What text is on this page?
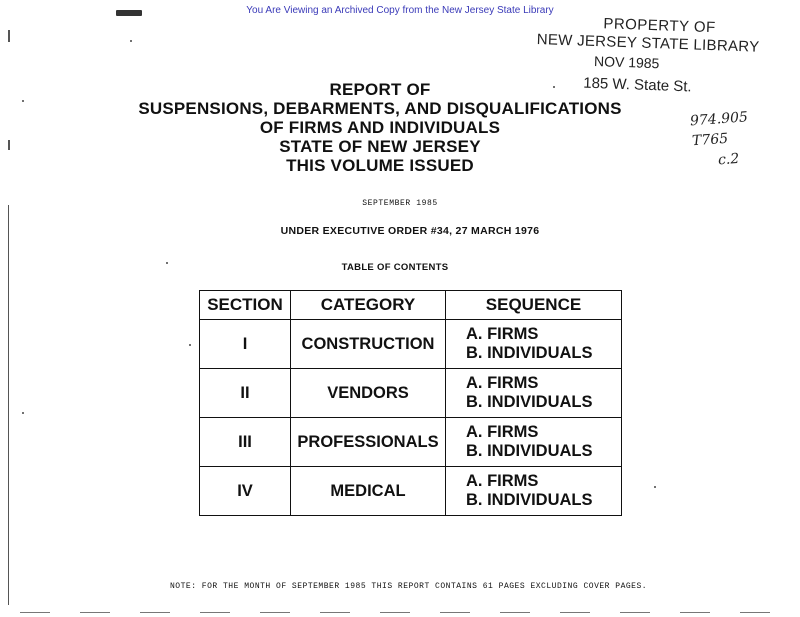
You Are Viewing an Archived Copy from the New Jersey State Library
PROPERTY OF
NEW JERSEY STATE LIBRARY
NOV 1985
185 W. State St.
974.905
T765
c.2
REPORT OF
SUSPENSIONS, DEBARMENTS, AND DISQUALIFICATIONS
OF FIRMS AND INDIVIDUALS
STATE OF NEW JERSEY
THIS VOLUME ISSUED
SEPTEMBER 1985
UNDER EXECUTIVE ORDER #34, 27 MARCH 1976
TABLE OF CONTENTS
SECTION	CATEGORY	SEQUENCE
I	CONSTRUCTION	A. FIRMS
B. INDIVIDUALS

II	VENDORS	A. FIRMS
B. INDIVIDUALS

III	PROFESSIONALS	A. FIRMS
B. INDIVIDUALS

IV	MEDICAL	A. FIRMS
B. INDIVIDUALS
NOTE: FOR THE MONTH OF SEPTEMBER 1985 THIS REPORT CONTAINS 61 PAGES EXCLUDING COVER PAGES.
